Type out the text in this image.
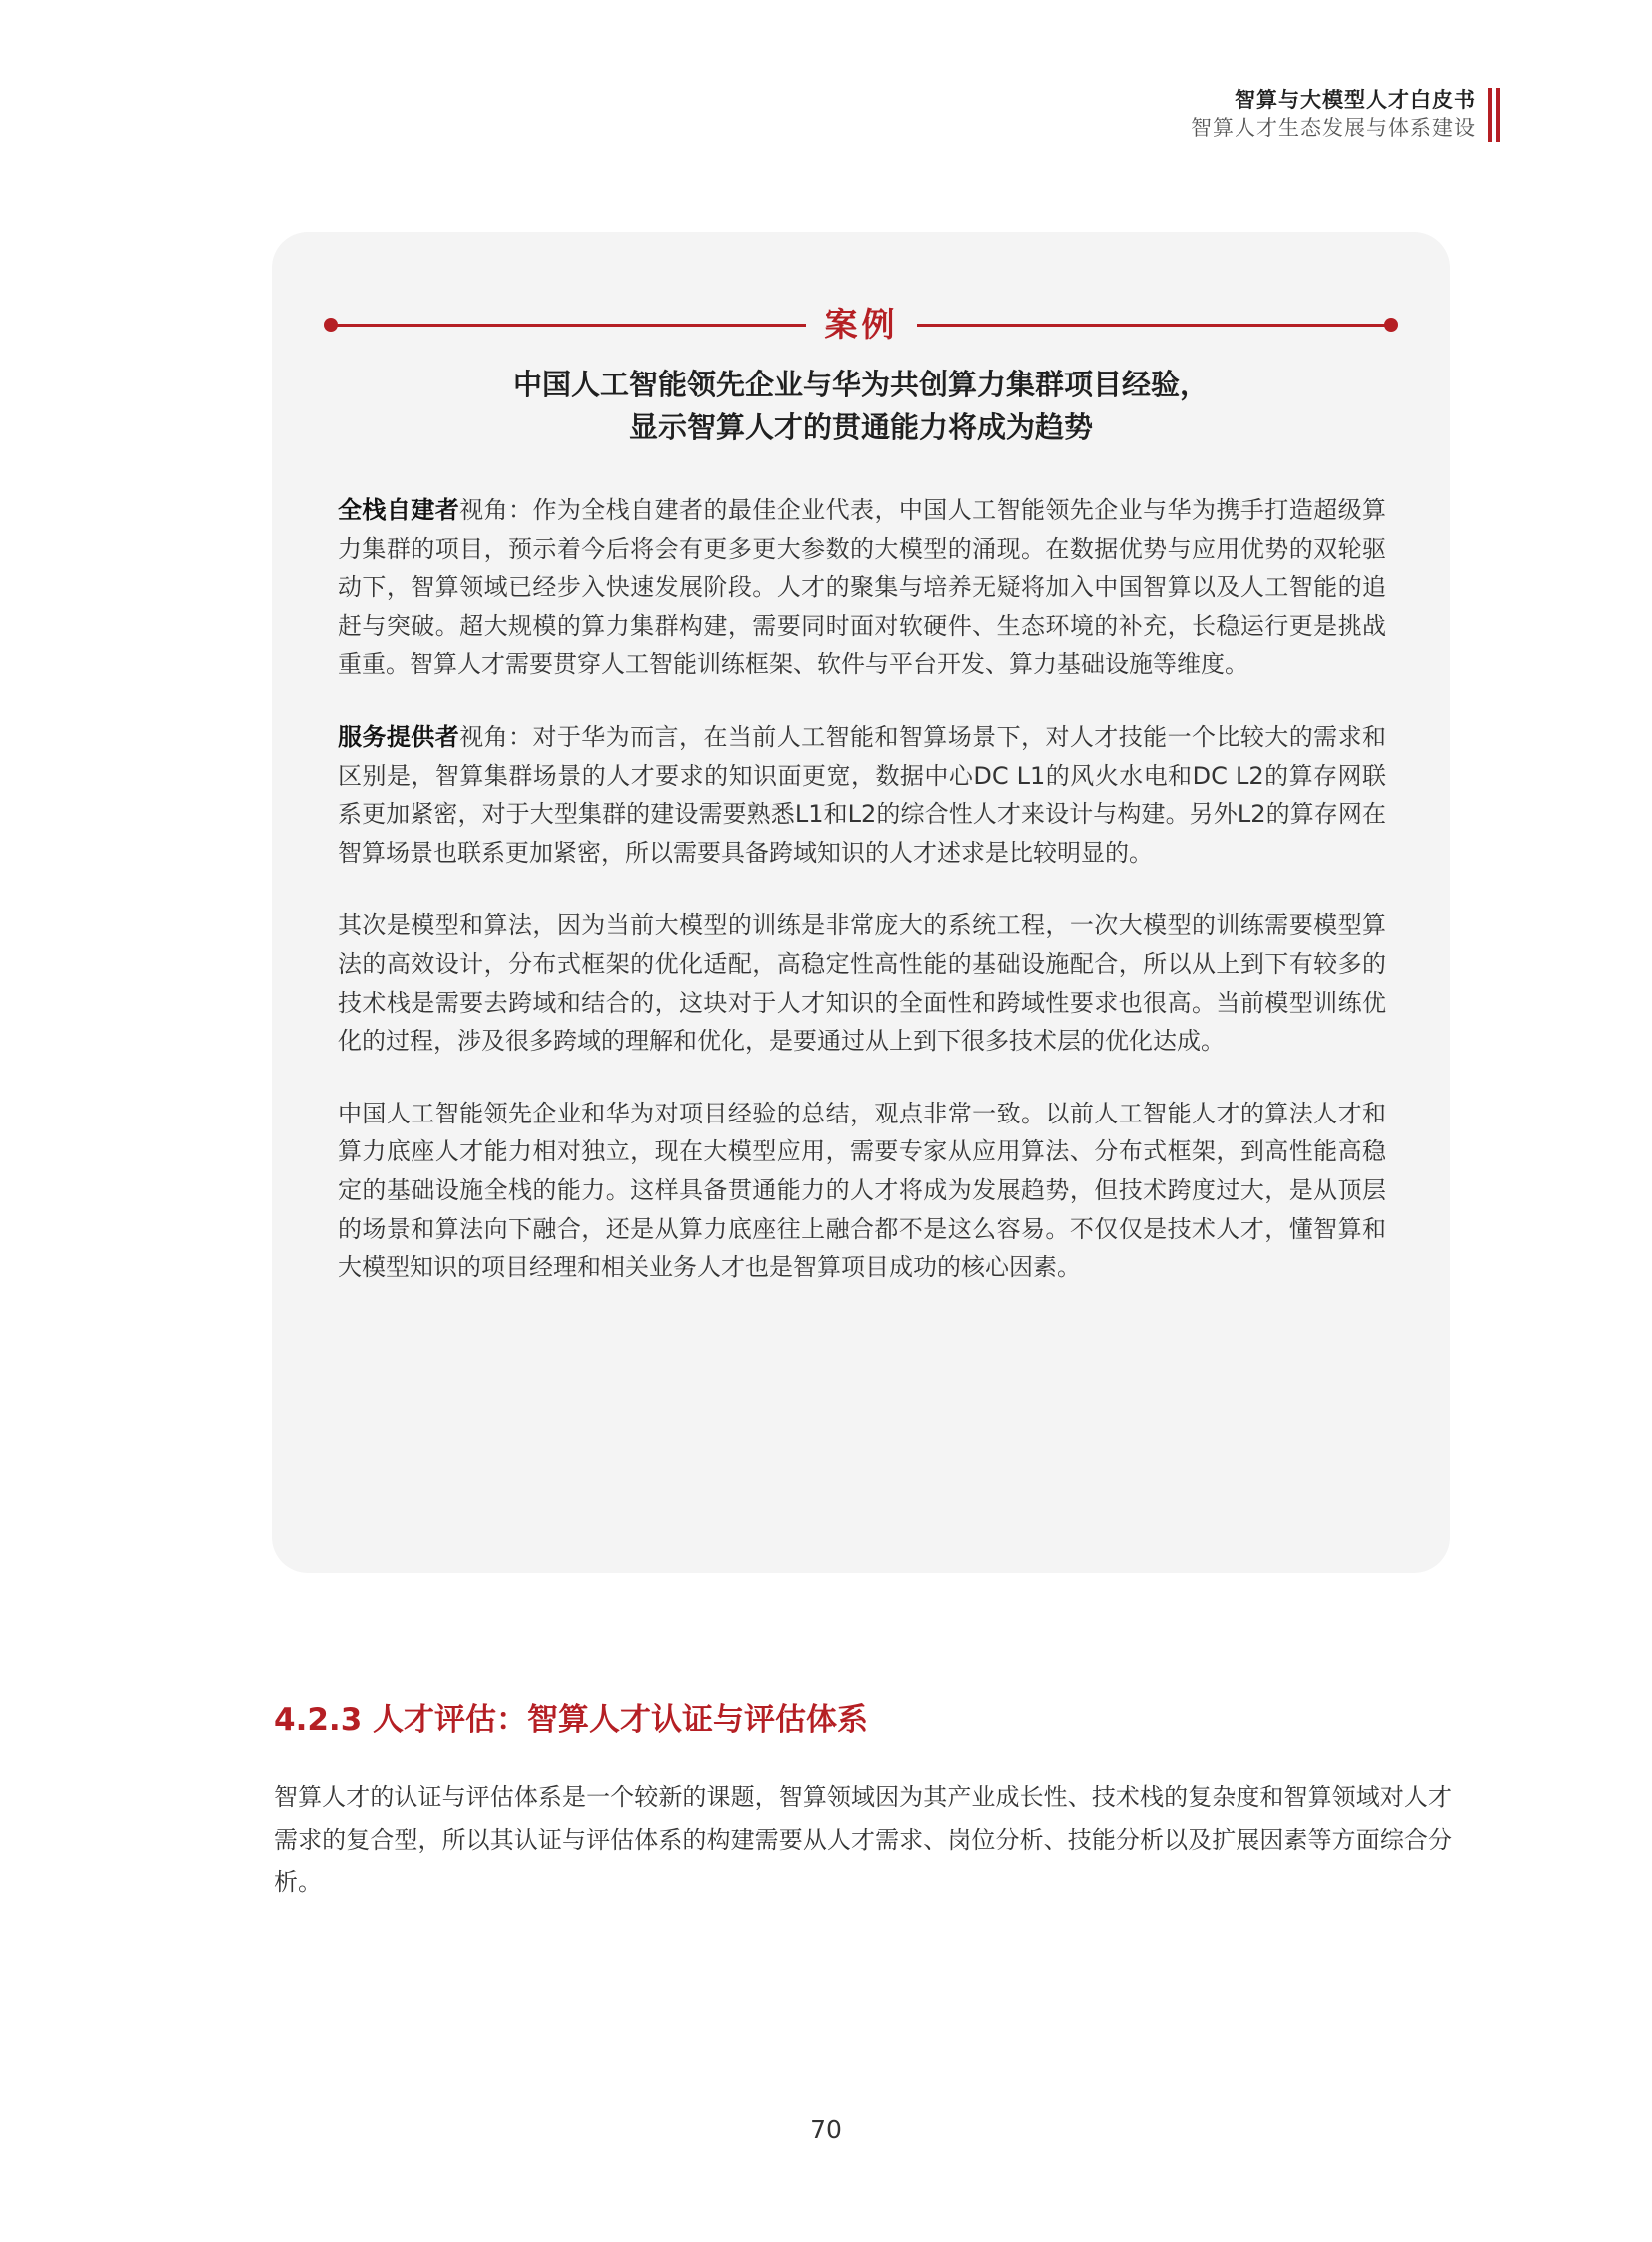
智算与大模型人才白皮书
智算人才生态发展与体系建设
案例
中国人工智能领先企业与华为共创算力集群项目经验，
显示智算人才的贯通能力将成为趋势

全栈自建者视角：作为全栈自建者的最佳企业代表，中国人工智能领先企业与华为携手打造超级算力集群的项目，预示着今后将会有更多更大参数的大模型的涌现。在数据优势与应用优势的双轮驱动下，智算领域已经步入快速发展阶段。人才的聚集与培养无疑将加入中国智算以及人工智能的追赶与突破。超大规模的算力集群构建，需要同时面对软硬件、生态环境的补充，长稳运行更是挑战重重。智算人才需要贯穿人工智能训练框架、软件与平台开发、算力基础设施等维度。

服务提供者视角：对于华为而言，在当前人工智能和智算场景下，对人才技能一个比较大的需求和区别是，智算集群场景的人才要求的知识面更宽，数据中心DC L1的风火水电和DC L2的算存网联系更加紧密，对于大型集群的建设需要熟悉L1和L2的综合性人才来设计与构建。另外L2的算存网在智算场景也联系更加紧密，所以需要具备跨域知识的人才述求是比较明显的。

其次是模型和算法，因为当前大模型的训练是非常庞大的系统工程，一次大模型的训练需要模型算法的高效设计，分布式框架的优化适配，高稳定性高性能的基础设施配合，所以从上到下有较多的技术栈是需要去跨域和结合的，这块对于人才知识的全面性和跨域性要求也很高。当前模型训练优化的过程，涉及很多跨域的理解和优化，是要通过从上到下很多技术层的优化达成。

中国人工智能领先企业和华为对项目经验的总结，观点非常一致。以前人工智能人才的算法人才和算力底座人才能力相对独立，现在大模型应用，需要专家从应用算法、分布式框架，到高性能高稳定的基础设施全栈的能力。这样具备贯通能力的人才将成为发展趋势，但技术跨度过大，是从顶层的场景和算法向下融合，还是从算力底座往上融合都不是这么容易。不仅仅是技术人才，懂智算和大模型知识的项目经理和相关业务人才也是智算项目成功的核心因素。

4.2.3 人才评估：智算人才认证与评估体系

智算人才的认证与评估体系是一个较新的课题，智算领域因为其产业成长性、技术栈的复杂度和智算领域对人才需求的复合型，所以其认证与评估体系的构建需要从人才需求、岗位分析、技能分析以及扩展因素等方面综合分析。

70
